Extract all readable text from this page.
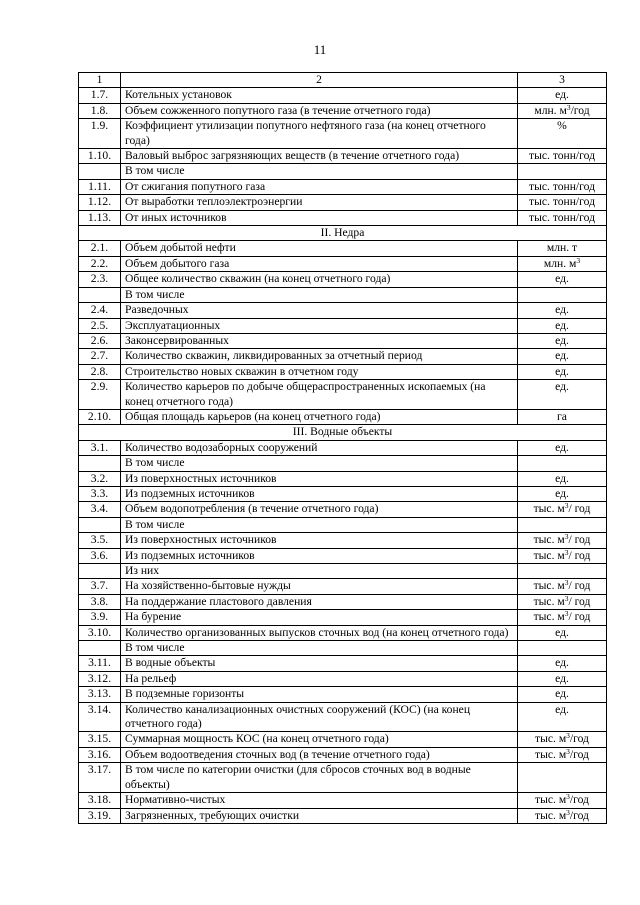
11
1	2	3
1.7.	Котельных установок	ед.
1.8.	Объем сожженного попутного газа (в течение отчетного года)	млн. $м^3$/год
1.9.	Коэффициент утилизации попутного нефтяного газа (на конец отчетного года)	%
1.10.	Валовый выброс загрязняющих веществ (в течение отчетного года)	тыс. тонн/год
	В том числе	
1.11.	От сжигания попутного газа	тыс. тонн/год
1.12.	От выработки теплоэлектроэнергии	тыс. тонн/год
1.13.	От иных источников	тыс. тонн/год
II. Недра		
2.1.	Объем добытой нефти	млн. т
2.2.	Объем добытого газа	млн. $м^3$
2.3.	Общее количество скважин (на конец отчетного года)	ед.
	В том числе	
2.4.	Разведочных	ед.
2.5.	Эксплуатационных	ед.
2.6.	Законсервированных	ед.
2.7.	Количество скважин, ликвидированных за отчетный период	ед.
2.8.	Строительство новых скважин в отчетном году	ед.
2.9.	Количество карьеров по добыче общераспространенных ископаемых (на конец отчетного года)	ед.
2.10.	Общая площадь карьеров (на конец отчетного года)	га
III. Водные объекты		
3.1.	Количество водозаборных сооружений	ед.
	В том числе	
3.2.	Из поверхностных источников	ед.
3.3.	Из подземных источников	ед.
3.4.	Объем водопотребления (в течение отчетного года)	тыс. $м^3/$ год
	В том числе	
3.5.	Из поверхностных источников	тыс. $м^3/$ год
3.6.	Из подземных источников	тыс. $м^3/$ год
	Из них	
3.7.	На хозяйственно-бытовые нужды	тыс. $м^3/$ год
3.8.	На поддержание пластового давления	тыс. $м^3/$ год
3.9.	На бурение	тыс. $м^3/$ год
3.10.	Количество организованных выпусков сточных вод (на конец отчетного года)	ед.
	В том числе	
3.11.	В водные объекты	ед.
3.12.	На рельеф	ед.
3.13.	В подземные горизонты	ед.
3.14.	Количество канализационных очистных сооружений (КОС) (на конец отчетного года)	ед.
3.15.	Суммарная мощность КОС (на конец отчетного года)	тыс. $м^3$/год
3.16.	Объем водоотведения сточных вод (в течение отчетного года)	тыс. $м^3$/год
3.17.	В том числе по категории очистки (для сбросов сточных вод в водные объекты)	
3.18.	Нормативно-чистых	тыс. $м^3$/год
3.19.	Загрязненных, требующих очистки	тыс. $м^3$/год
